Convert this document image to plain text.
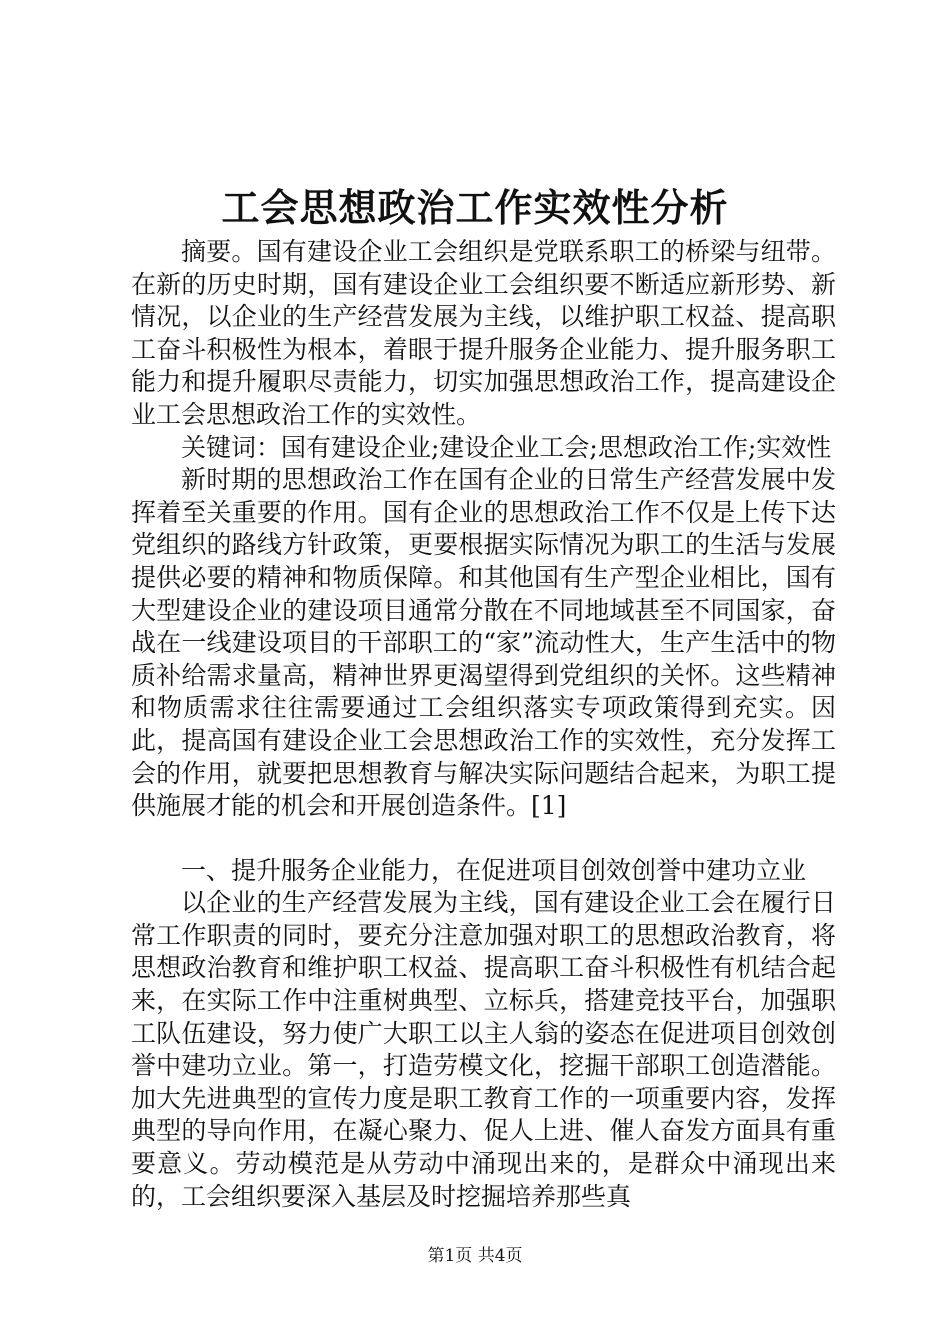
工会思想政治工作实效性分析

摘要。国有建设企业工会组织是党联系职工的桥梁与纽带。在新的历史时期，国有建设企业工会组织要不断适应新形势、新情况，以企业的生产经营发展为主线，以维护职工权益、提高职工奋斗积极性为根本，着眼于提升服务企业能力、提升服务职工能力和提升履职尽责能力，切实加强思想政治工作，提高建设企业工会思想政治工作的实效性。

关键词：国有建设企业;建设企业工会;思想政治工作;实效性

新时期的思想政治工作在国有企业的日常生产经营发展中发挥着至关重要的作用。国有企业的思想政治工作不仅是上传下达党组织的路线方针政策，更要根据实际情况为职工的生活与发展提供必要的精神和物质保障。和其他国有生产型企业相比，国有大型建设企业的建设项目通常分散在不同地域甚至不同国家，奋战在一线建设项目的干部职工的“家”流动性大，生产生活中的物质补给需求量高，精神世界更渴望得到党组织的关怀。这些精神和物质需求往往需要通过工会组织落实专项政策得到充实。因此，提高国有建设企业工会思想政治工作的实效性，充分发挥工会的作用，就要把思想教育与解决实际问题结合起来，为职工提供施展才能的机会和开展创造条件。[1]

一、提升服务企业能力，在促进项目创效创誉中建功立业

以企业的生产经营发展为主线，国有建设企业工会在履行日常工作职责的同时，要充分注意加强对职工的思想政治教育，将思想政治教育和维护职工权益、提高职工奋斗积极性有机结合起来，在实际工作中注重树典型、立标兵，搭建竞技平台，加强职工队伍建设，努力使广大职工以主人翁的姿态在促进项目创效创誉中建功立业。第一，打造劳模文化，挖掘干部职工创造潜能。加大先进典型的宣传力度是职工教育工作的一项重要内容，发挥典型的导向作用，在凝心聚力、促人上进、催人奋发方面具有重要意义。劳动模范是从劳动中涌现出来的，是群众中涌现出来的，工会组织要深入基层及时挖掘培养那些真

第1页 共4页
